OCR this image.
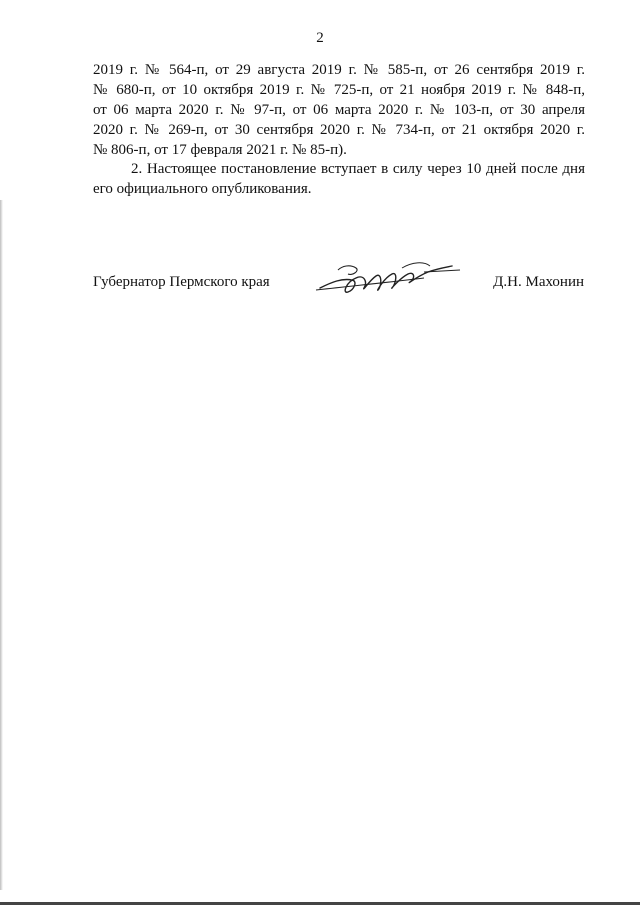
2
2019 г. № 564-п, от 29 августа 2019 г. № 585-п, от 26 сентября 2019 г.
№ 680-п, от 10 октября 2019 г. № 725-п, от 21 ноября 2019 г. № 848-п,
от 06 марта 2020 г. № 97-п, от 06 марта 2020 г. № 103-п, от 30 апреля
2020 г. № 269-п, от 30 сентября 2020 г. № 734-п, от 21 октября 2020 г.
№ 806-п, от 17 февраля 2021 г. № 85-п).
2. Настоящее постановление вступает в силу через 10 дней после дня
его официального опубликования.
Губернатор Пермского края	Д.Н. Махонин
